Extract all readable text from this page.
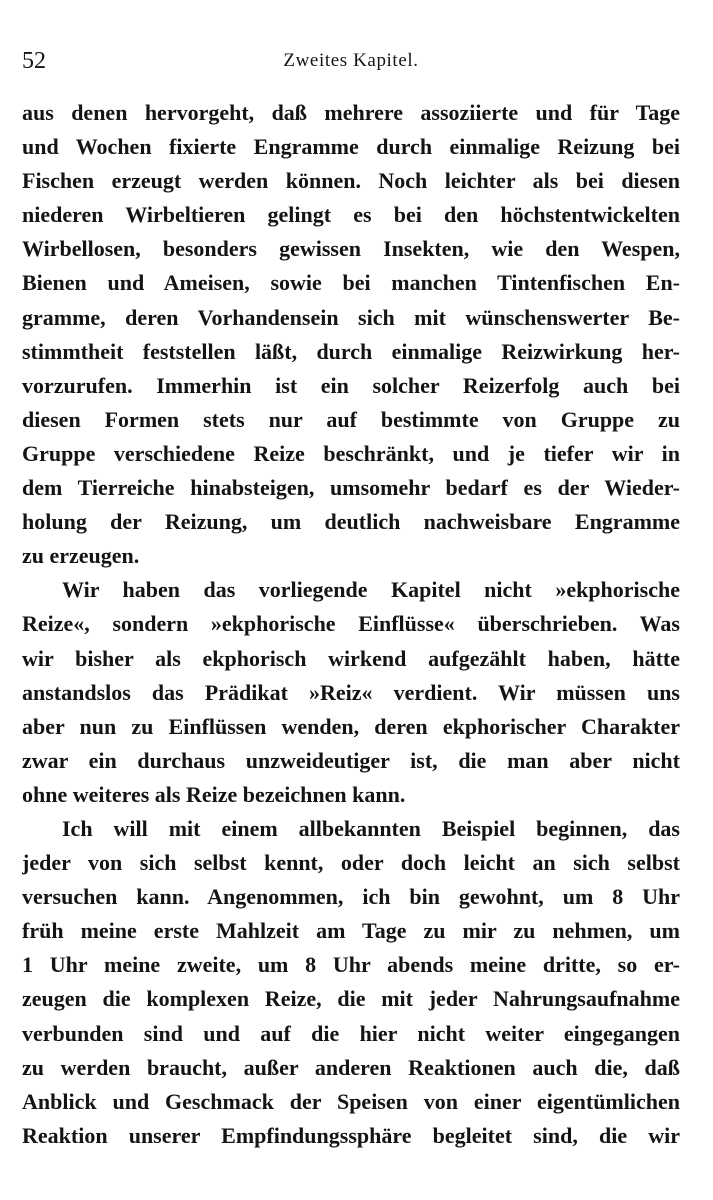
52	Zweites Kapitel.
aus denen hervorgeht, daß mehrere assoziierte und für Tage
und Wochen fixierte Engramme durch einmalige Reizung bei
Fischen erzeugt werden können. Noch leichter als bei diesen
niederen Wirbeltieren gelingt es bei den höchstentwickelten
Wirbellosen, besonders gewissen Insekten, wie den Wespen,
Bienen und Ameisen, sowie bei manchen Tintenfischen En-
gramme, deren Vorhandensein sich mit wünschenswerter Be-
stimmtheit feststellen läßt, durch einmalige Reizwirkung her-
vorzurufen. Immerhin ist ein solcher Reizerfolg auch bei
diesen Formen stets nur auf bestimmte von Gruppe zu
Gruppe verschiedene Reize beschränkt, und je tiefer wir in
dem Tierreiche hinabsteigen, umsomehr bedarf es der Wieder-
holung der Reizung, um deutlich nachweisbare Engramme
zu erzeugen.
Wir haben das vorliegende Kapitel nicht »ekphorische
Reize«, sondern »ekphorische Einflüsse« überschrieben. Was
wir bisher als ekphorisch wirkend aufgezählt haben, hätte
anstandslos das Prädikat »Reiz« verdient. Wir müssen uns
aber nun zu Einflüssen wenden, deren ekphorischer Charakter
zwar ein durchaus unzweideutiger ist, die man aber nicht
ohne weiteres als Reize bezeichnen kann.
Ich will mit einem allbekannten Beispiel beginnen, das
jeder von sich selbst kennt, oder doch leicht an sich selbst
versuchen kann. Angenommen, ich bin gewohnt, um 8 Uhr
früh meine erste Mahlzeit am Tage zu mir zu nehmen, um
1 Uhr meine zweite, um 8 Uhr abends meine dritte, so er-
zeugen die komplexen Reize, die mit jeder Nahrungsaufnahme
verbunden sind und auf die hier nicht weiter eingegangen
zu werden braucht, außer anderen Reaktionen auch die, daß
Anblick und Geschmack der Speisen von einer eigentümlichen
Reaktion unserer Empfindungssphäre begleitet sind, die wir
